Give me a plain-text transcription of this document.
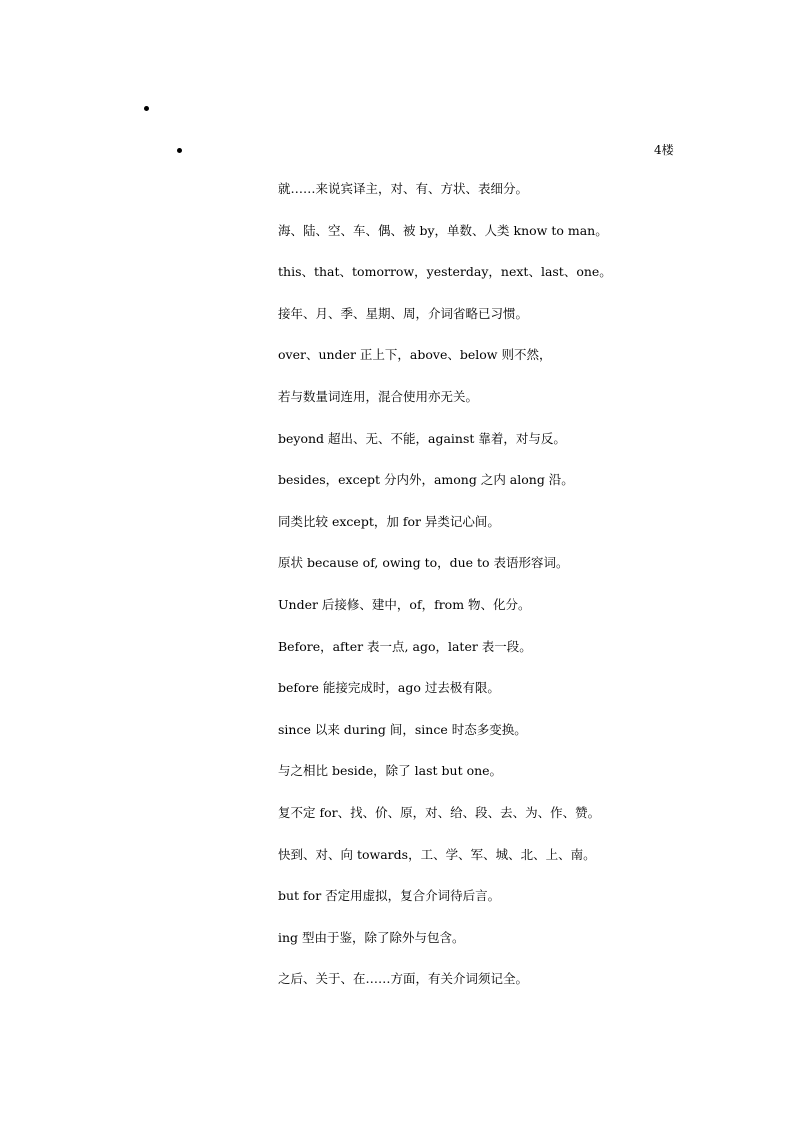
4楼
就……来说宾译主，对、有、方状、表细分。
海、陆、空、车、偶、被 by，单数、人类 know to man。
this、that、tomorrow，yesterday，next、last、one。
接年、月、季、星期、周，介词省略已习惯。
over、under 正上下，above、below 则不然，
若与数量词连用，混合使用亦无关。
beyond 超出、无、不能，against 靠着，对与反。
besides，except 分内外，among 之内 along 沿。
同类比较 except，加 for 异类记心间。
原状 because of, owing to，due to 表语形容词。
Under 后接修、建中，of，from 物、化分。
Before，after 表一点, ago，later 表一段。
before 能接完成时，ago 过去极有限。
since 以来 during 间，since 时态多变换。
与之相比 beside，除了 last but one。
复不定 for、找、价、原，对、给、段、去、为、作、赞。
快到、对、向 towards，工、学、军、城、北、上、南。
but for 否定用虚拟，复合介词待后言。
ing 型由于鉴，除了除外与包含。
之后、关于、在……方面，有关介词须记全。
